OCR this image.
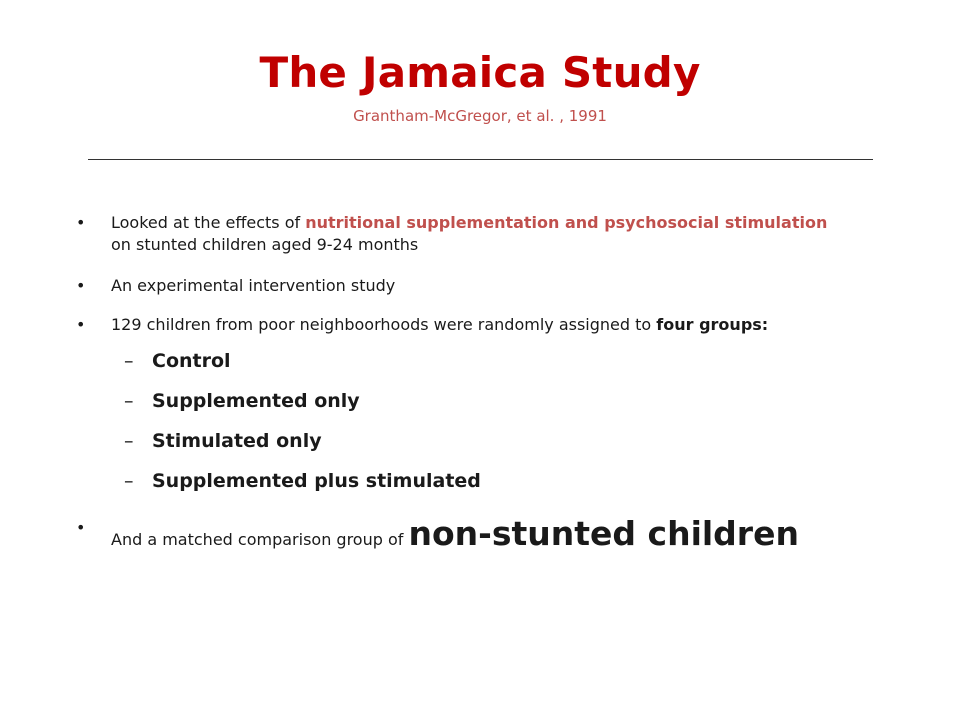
The Jamaica Study
Grantham-McGregor, et al. , 1991
•	Looked at the effects of nutritional supplementation and psychosocial stimulation on stunted children aged 9-24 months
•	An experimental intervention study
•	129 children from poor neighboorhoods were randomly assigned to four groups:
– Control
– Supplemented only
– Stimulated only
– Supplemented plus stimulated
•
And a matched comparison group of non-stunted children
